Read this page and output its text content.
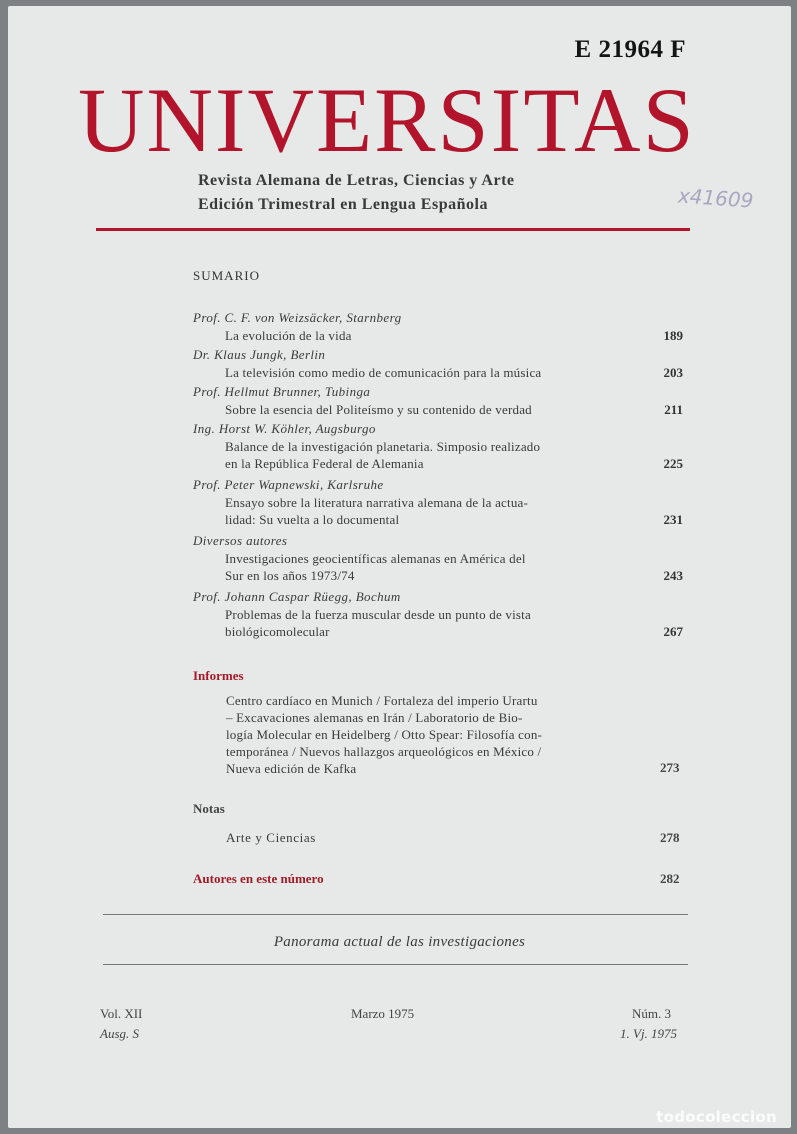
E 21964 F
UNIVERSITAS
Revista Alemana de Letras, Ciencias y Arte
Edición Trimestral en Lengua Española	x41609
SUMARIO
Prof. C. F. von Weizsäcker, Starnberg
La evolución de la vida	189
Dr. Klaus Jungk, Berlin
La televisión como medio de comunicación para la música	203
Prof. Hellmut Brunner, Tubinga
Sobre la esencia del Politeísmo y su contenido de verdad	211
Ing. Horst W. Köhler, Augsburgo
Balance de la investigación planetaria. Simposio realizado
en la República Federal de Alemania	225
Prof. Peter Wapnewski, Karlsruhe
Ensayo sobre la literatura narrativa alemana de la actua-
lidad: Su vuelta a lo documental	231
Diversos autores
Investigaciones geocientíficas alemanas en América del
Sur en los años 1973/74	243
Prof. Johann Caspar Rüegg, Bochum
Problemas de la fuerza muscular desde un punto de vista
biológicomolecular	267
Informes
Centro cardíaco en Munich / Fortaleza del imperio Urartu
– Excavaciones alemanas en Irán / Laboratorio de Bio-
logía Molecular en Heidelberg / Otto Spear: Filosofía con-
temporánea / Nuevos hallazgos arqueológicos en México /
Nueva edición de Kafka	273
Notas
Arte y Ciencias	278
Autores en este número	282
Panorama actual de las investigaciones
Vol. XII
Ausg. S
Marzo 1975	Núm. 3
1. Vj. 1975
todocoleccion
